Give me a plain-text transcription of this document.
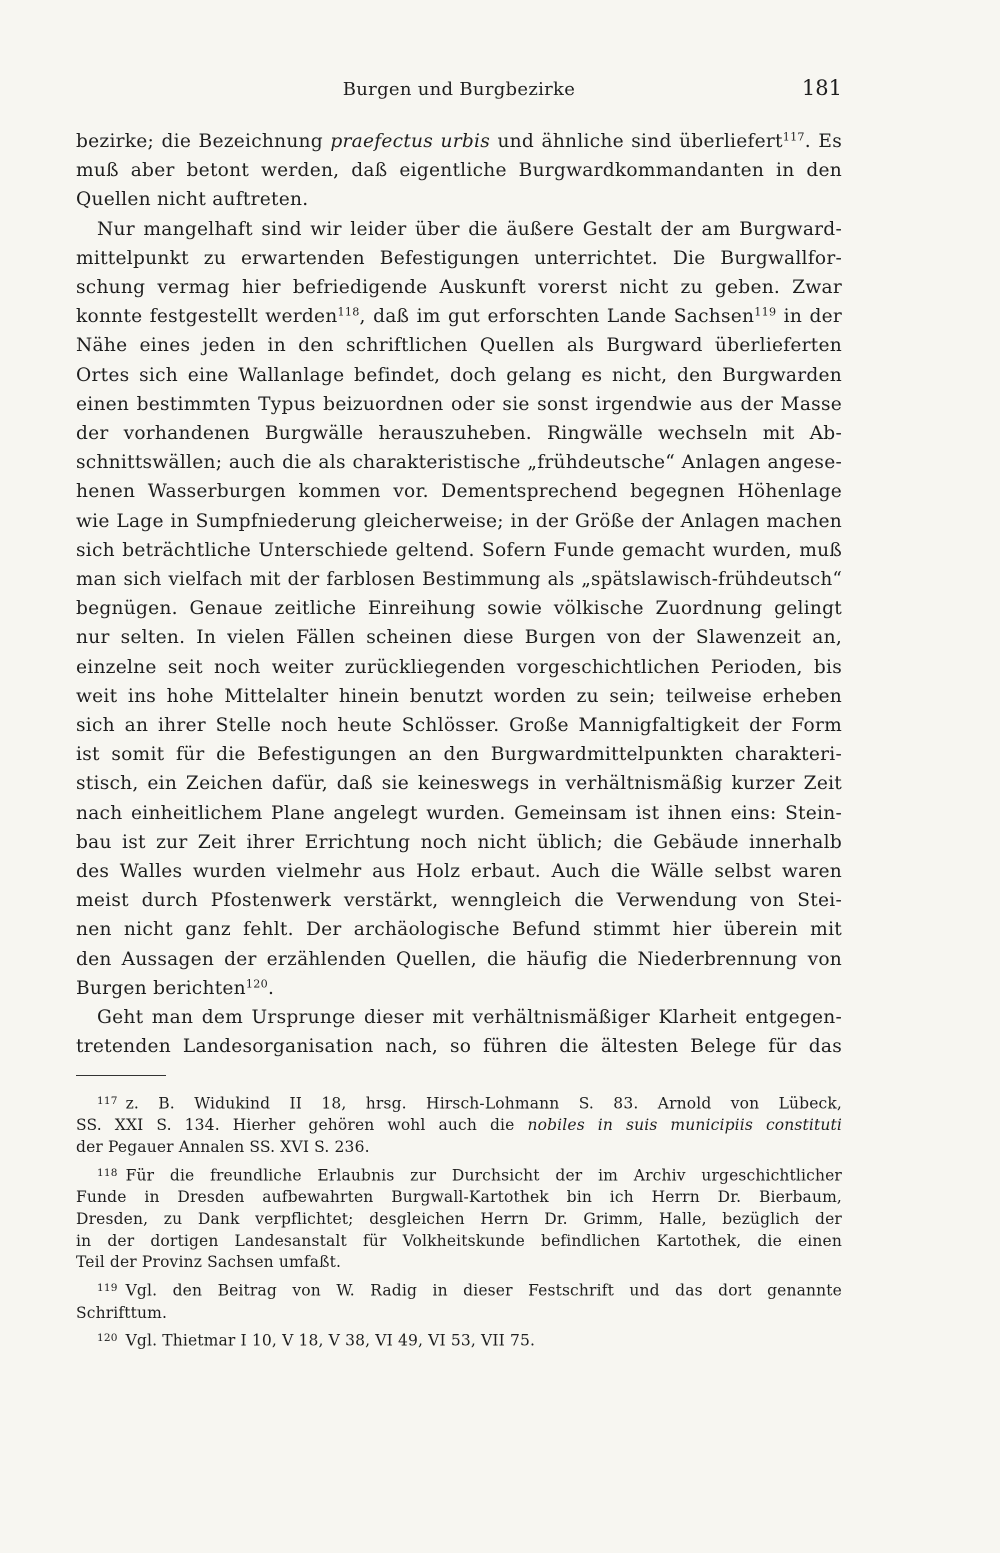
Burgen und Burgbezirke	181

bezirke; die Bezeichnung praefectus urbis und ähnliche sind überliefert$^{117}$. Es
muß aber betont werden, daß eigentliche Burgwardkommandanten in den
Quellen nicht auftreten.

Nur mangelhaft sind wir leider über die äußere Gestalt der am Burgward-
mittelpunkt zu erwartenden Befestigungen unterrichtet. Die Burgwallfor-
schung vermag hier befriedigende Auskunft vorerst nicht zu geben. Zwar
konnte festgestellt werden$^{118}$, daß im gut erforschten Lande Sachsen$^{119}$ in der
Nähe eines jeden in den schriftlichen Quellen als Burgward überlieferten
Ortes sich eine Wallanlage befindet, doch gelang es nicht, den Burgwarden
einen bestimmten Typus beizuordnen oder sie sonst irgendwie aus der Masse
der vorhandenen Burgwälle herauszuheben. Ringwälle wechseln mit Ab-
schnittswällen; auch die als charakteristische „frühdeutsche“ Anlagen angese-
henen Wasserburgen kommen vor. Dementsprechend begegnen Höhenlage
wie Lage in Sumpfniederung gleicherweise; in der Größe der Anlagen machen
sich beträchtliche Unterschiede geltend. Sofern Funde gemacht wurden, muß
man sich vielfach mit der farblosen Bestimmung als „spätslawisch-frühdeutsch“
begnügen. Genaue zeitliche Einreihung sowie völkische Zuordnung gelingt
nur selten. In vielen Fällen scheinen diese Burgen von der Slawenzeit an,
einzelne seit noch weiter zurückliegenden vorgeschichtlichen Perioden, bis
weit ins hohe Mittelalter hinein benutzt worden zu sein; teilweise erheben
sich an ihrer Stelle noch heute Schlösser. Große Mannigfaltigkeit der Form
ist somit für die Befestigungen an den Burgwardmittelpunkten charakteri-
stisch, ein Zeichen dafür, daß sie keineswegs in verhältnismäßig kurzer Zeit
nach einheitlichem Plane angelegt wurden. Gemeinsam ist ihnen eins: Stein-
bau ist zur Zeit ihrer Errichtung noch nicht üblich; die Gebäude innerhalb
des Walles wurden vielmehr aus Holz erbaut. Auch die Wälle selbst waren
meist durch Pfostenwerk verstärkt, wenngleich die Verwendung von Stei-
nen nicht ganz fehlt. Der archäologische Befund stimmt hier überein mit
den Aussagen der erzählenden Quellen, die häufig die Niederbrennung von
Burgen berichten$^{120}$.

Geht man dem Ursprunge dieser mit verhältnismäßiger Klarheit entgegen-
tretenden Landesorganisation nach, so führen die ältesten Belege für das

$^{117}$ z. B. Widukind II 18, hrsg. Hirsch-Lohmann S. 83. Arnold von Lübeck,
SS. XXI S. 134. Hierher gehören wohl auch die nobiles in suis municipiis constituti
der Pegauer Annalen SS. XVI S. 236.
$^{118}$ Für die freundliche Erlaubnis zur Durchsicht der im Archiv urgeschichtlicher
Funde in Dresden aufbewahrten Burgwall-Kartothek bin ich Herrn Dr. Bierbaum,
Dresden, zu Dank verpflichtet; desgleichen Herrn Dr. Grimm, Halle, bezüglich der
in der dortigen Landesanstalt für Volkheitskunde befindlichen Kartothek, die einen
Teil der Provinz Sachsen umfaßt.
$^{119}$ Vgl. den Beitrag von W. Radig in dieser Festschrift und das dort genannte
Schrifttum.
$^{120}$ Vgl. Thietmar I 10, V 18, V 38, VI 49, VI 53, VII 75.
